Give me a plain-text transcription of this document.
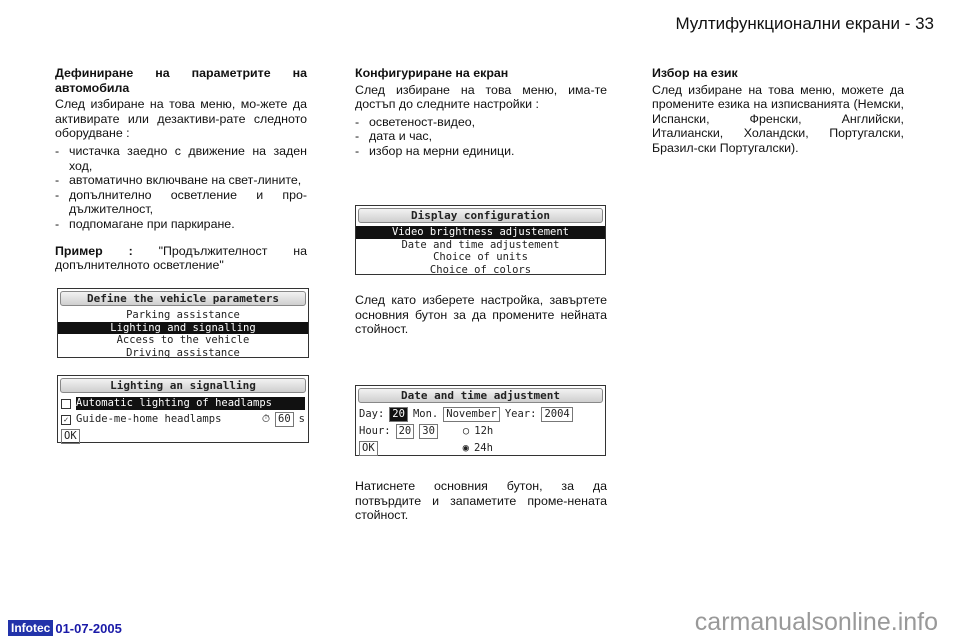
Мултифункционални екрани - 33

Дефиниране на параметрите на автомобила

След избиране на това меню, мо-жете да активирате или дезактиви-рате следното оборудване :

- чистачка заедно с движение на заден ход,
- автоматично включване на свет-лините,
- допълнително осветление и про-дължителност,
- подпомагане при паркиране.

Пример : "Продължителност на допълнителното осветление"

Define the vehicle parameters
Parking assistance
Lighting and signalling
Access to the vehicle
Driving assistance
Lighting an signalling
Automatic lighting of headlamps
✓ Guide-me-home headlamps	⏱ 60 s
OK

Конфигуриране на екран

След избиране на това меню, има-те достъп до следните настройки :

- осветеност-видео,
- дата и час,
- избор на мерни единици.
Display configuration
Video brightness adjustement
Date and time adjustement
Choice of units
Choice of colors
След като изберете настройка, завъртете основния бутон за да промените нейната стойност.
Date and time adjustment
Day: 20 Mon. November Year: 2004
Hour: 20 30	○ 12h
OK	◉ 24h
Натиснете основния бутон, за да потвърдите и запаметите проме-нената стойност.

Избор на език

След избиране на това меню, можете да промените езика на изписванията (Немски, Испански, Френски, Английски, Италиански, Холандски, Португалски, Бразил-ски Португалски).

Infotec 01-07-2005	carmanualsonline.info
